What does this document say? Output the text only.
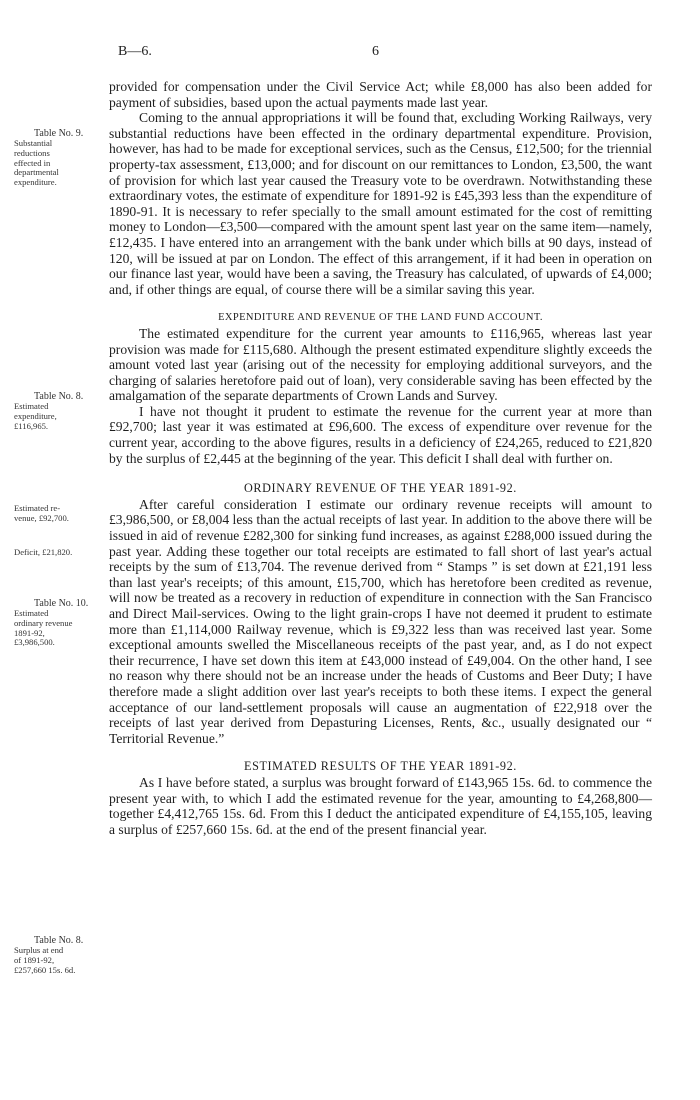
B—6.	6
Table No. 9.
Substantial
reductions
effected in
departmental
expenditure.
Table No. 8.
Estimated
expenditure,
£116,965.
Estimated re-
venue, £92,700.
Deficit, £21,820.
Table No. 10.
Estimated
ordinary revenue
1891-92,
£3,986,500.
Table No. 8.
Surplus at end
of 1891-92,
£257,660 15s. 6d.

provided for compensation under the Civil Service Act; while £8,000 has also been added for payment of subsidies, based upon the actual payments made last year.

Coming to the annual appropriations it will be found that, excluding Working Railways, very substantial reductions have been effected in the ordinary departmental expenditure. Provision, however, has had to be made for exceptional services, such as the Census, £12,500; for the triennial property-tax assessment, £13,000; and for discount on our remittances to London, £3,500, the want of provision for which last year caused the Treasury vote to be overdrawn. Notwithstanding these extraordinary votes, the estimate of expenditure for 1891-92 is £45,393 less than the expenditure of 1890-91. It is necessary to refer specially to the small amount estimated for the cost of remitting money to London—£3,500—compared with the amount spent last year on the same item—namely, £12,435. I have entered into an arrangement with the bank under which bills at 90 days, instead of 120, will be issued at par on London. The effect of this arrangement, if it had been in operation on our finance last year, would have been a saving, the Treasury has calculated, of upwards of £4,000; and, if other things are equal, of course there will be a similar saving this year.

EXPENDITURE AND REVENUE OF THE LAND FUND ACCOUNT.

The estimated expenditure for the current year amounts to £116,965, whereas last year provision was made for £115,680. Although the present estimated expenditure slightly exceeds the amount voted last year (arising out of the necessity for employing additional surveyors, and the charging of salaries heretofore paid out of loan), very considerable saving has been effected by the amalgamation of the separate departments of Crown Lands and Survey.

I have not thought it prudent to estimate the revenue for the current year at more than £92,700; last year it was estimated at £96,600. The excess of expenditure over revenue for the current year, according to the above figures, results in a deficiency of £24,265, reduced to £21,820 by the surplus of £2,445 at the beginning of the year. This deficit I shall deal with further on.

ORDINARY REVENUE OF THE YEAR 1891-92.

After careful consideration I estimate our ordinary revenue receipts will amount to £3,986,500, or £8,004 less than the actual receipts of last year. In addition to the above there will be issued in aid of revenue £282,300 for sinking fund increases, as against £288,000 issued during the past year. Adding these together our total receipts are estimated to fall short of last year's actual receipts by the sum of £13,704. The revenue derived from “ Stamps ” is set down at £21,191 less than last year's receipts; of this amount, £15,700, which has heretofore been credited as revenue, will now be treated as a recovery in reduction of expenditure in connection with the San Francisco and Direct Mail-services. Owing to the light grain-crops I have not deemed it prudent to estimate more than £1,114,000 Railway revenue, which is £9,322 less than was received last year. Some exceptional amounts swelled the Miscellaneous receipts of the past year, and, as I do not expect their recurrence, I have set down this item at £43,000 instead of £49,004. On the other hand, I see no reason why there should not be an increase under the heads of Customs and Beer Duty; I have therefore made a slight addition over last year's receipts to both these items. I expect the general acceptance of our land-settlement proposals will cause an augmentation of £22,918 over the receipts of last year derived from Depasturing Licenses, Rents, &c., usually designated our “ Territorial Revenue.”

ESTIMATED RESULTS OF THE YEAR 1891-92.

As I have before stated, a surplus was brought forward of £143,965 15s. 6d. to commence the present year with, to which I add the estimated revenue for the year, amounting to £4,268,800—together £4,412,765 15s. 6d. From this I deduct the anticipated expenditure of £4,155,105, leaving a surplus of £257,660 15s. 6d. at the end of the present financial year.
